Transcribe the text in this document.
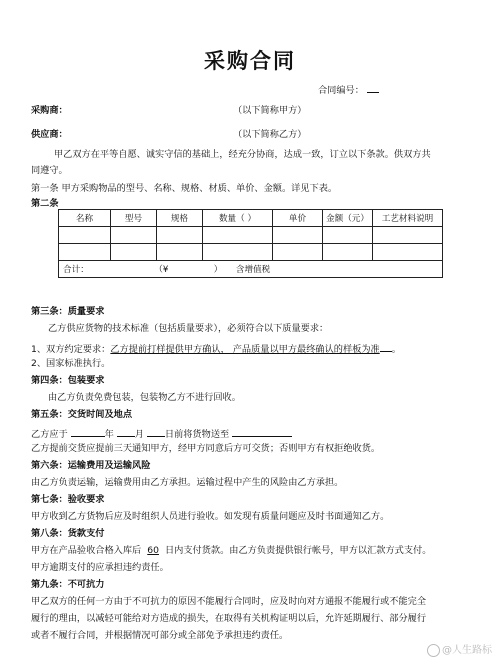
采购合同
合同编号：
采购商：	（以下简称甲方）
供应商：	（以下简称乙方）
甲乙双方在平等自愿、诚实守信的基础上，经充分协商，达成一致，订立以下条款。供双方共
同遵守。
第一条 甲方采购物品的型号、名称、规格、材质、单价、金额。详见下表。
第二条
名称	型号	规格	数量（ ）	单价	金额（元）	工艺材料说明

合计： （¥ ） 含增值税						
第三条：质量要求
乙方供应货物的技术标准（包括质量要求），必须符合以下质量要求：
1、双方约定要求：乙方提前打样提供甲方确认， 产品质量以甲方最终确认的样板为准 。
2、国家标准执行。
第四条：包装要求
由乙方负责免费包装，包装物乙方不进行回收。
第五条：交货时间及地点
乙方应于	年 月 日前将货物送至
乙方提前交货应提前三天通知甲方，经甲方同意后方可交货；否则甲方有权拒绝收货。
第六条：运输费用及运输风险
由乙方负责运输，运输费用由乙方承担。运输过程中产生的风险由乙方承担。
第七条：验收要求
甲方收到乙方货物后应及时组织人员进行验收。如发现有质量问题应及时书面通知乙方。
第八条：货款支付
甲方在产品验收合格入库后 60 日内支付货款。由乙方负责提供银行帐号，甲方以汇款方式支付。
甲方逾期支付的应承担违约责任。
第九条：不可抗力
甲乙双方的任何一方由于不可抗力的原因不能履行合同时，应及时向对方通报不能履行或不能完全
履行的理由，以减轻可能给对方造成的损失，在取得有关机构证明以后，允许延期履行、部分履行
或者不履行合同，并根据情况可部分或全部免予承担违约责任。
@人生路标
